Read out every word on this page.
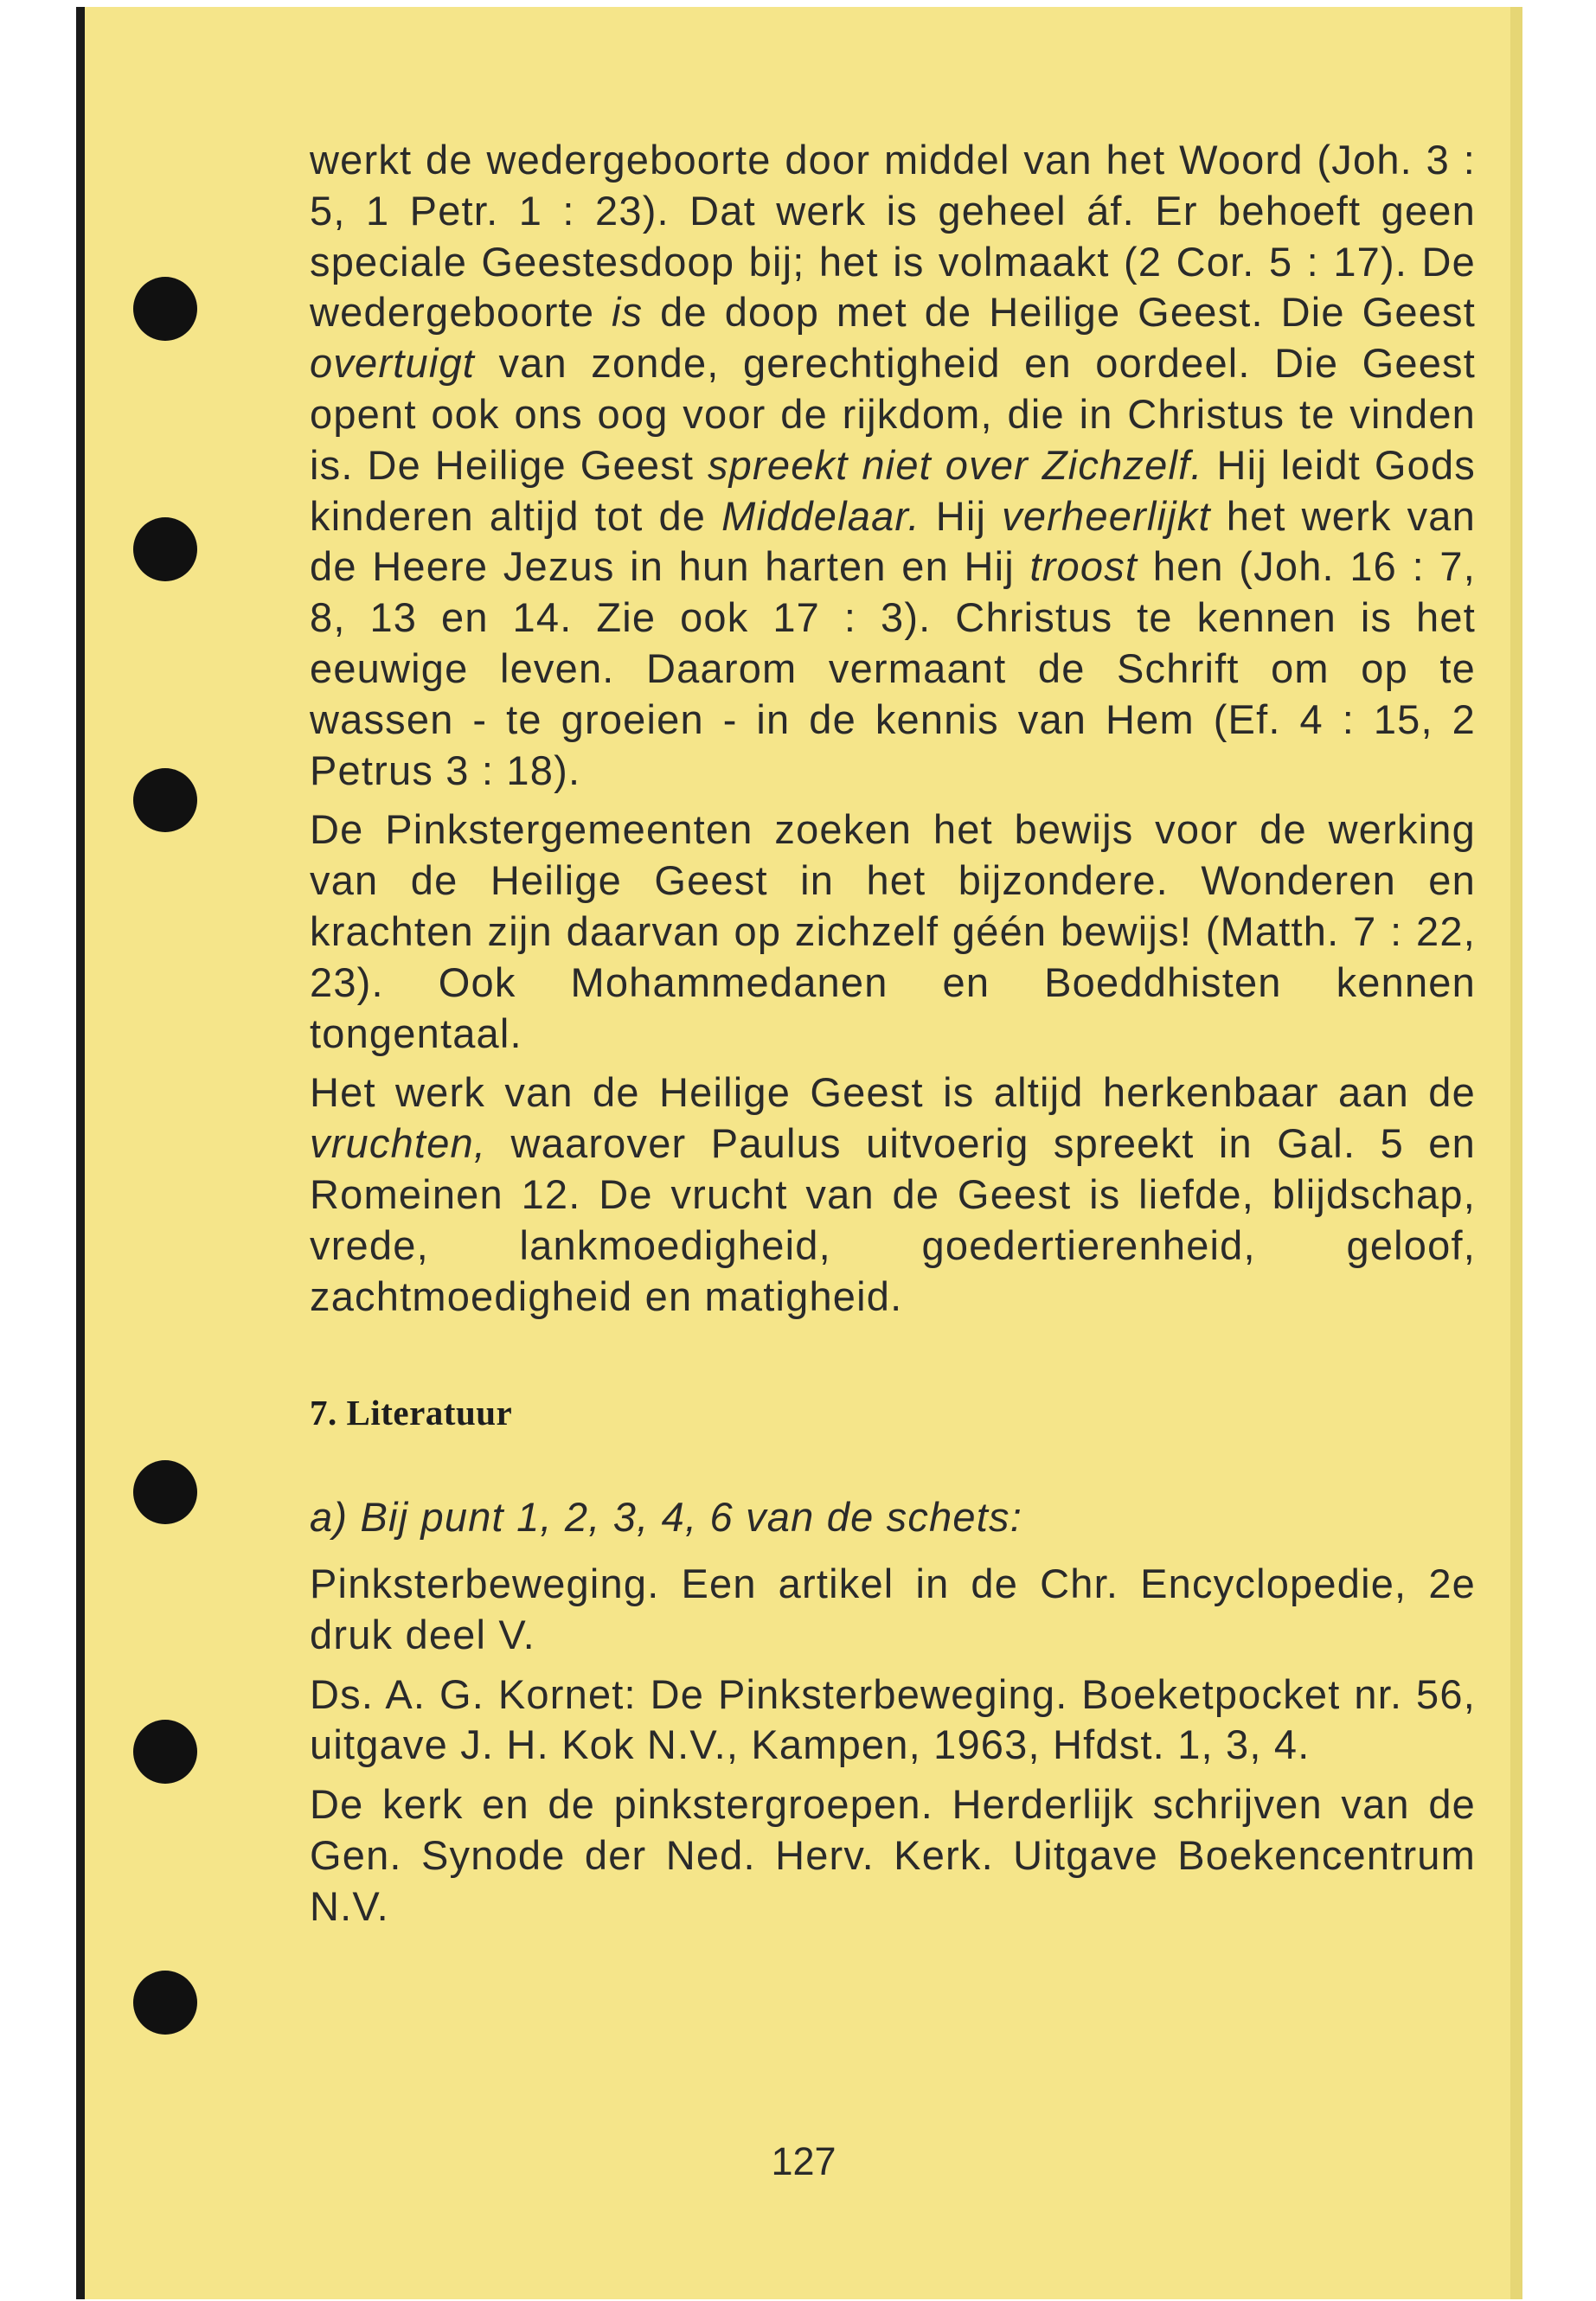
werkt de wedergeboorte door middel van het Woord (Joh. 3 : 5, 1 Petr. 1 : 23). Dat werk is geheel áf. Er behoeft geen speciale Geestesdoop bij; het is volmaakt (2 Cor. 5 : 17). De wedergeboorte is de doop met de Heilige Geest. Die Geest overtuigt van zonde, gerechtigheid en oordeel. Die Geest opent ook ons oog voor de rijkdom, die in Christus te vinden is. De Heilige Geest spreekt niet over Zichzelf. Hij leidt Gods kinderen altijd tot de Middelaar. Hij verheerlijkt het werk van de Heere Jezus in hun harten en Hij troost hen (Joh. 16 : 7, 8, 13 en 14. Zie ook 17 : 3). Christus te kennen is het eeuwige leven. Daarom vermaant de Schrift om op te wassen - te groeien - in de kennis van Hem (Ef. 4 : 15, 2 Petrus 3 : 18).

De Pinkstergemeenten zoeken het bewijs voor de werking van de Heilige Geest in het bijzondere. Wonderen en krachten zijn daarvan op zichzelf géén bewijs! (Matth. 7 : 22, 23). Ook Mohammedanen en Boeddhisten kennen tongentaal.

Het werk van de Heilige Geest is altijd herkenbaar aan de vruchten, waarover Paulus uitvoerig spreekt in Gal. 5 en Romeinen 12. De vrucht van de Geest is liefde, blijdschap, vrede, lankmoedigheid, goedertierenheid, geloof, zachtmoedigheid en matigheid.

7. Literatuur

a) Bij punt 1, 2, 3, 4, 6 van de schets:

Pinksterbeweging. Een artikel in de Chr. Encyclopedie, 2e druk deel V.

Ds. A. G. Kornet: De Pinksterbeweging. Boeketpocket nr. 56, uitgave J. H. Kok N.V., Kampen, 1963, Hfdst. 1, 3, 4.

De kerk en de pinkstergroepen. Herderlijk schrijven van de Gen. Synode der Ned. Herv. Kerk. Uitgave Boekencentrum N.V.

127
